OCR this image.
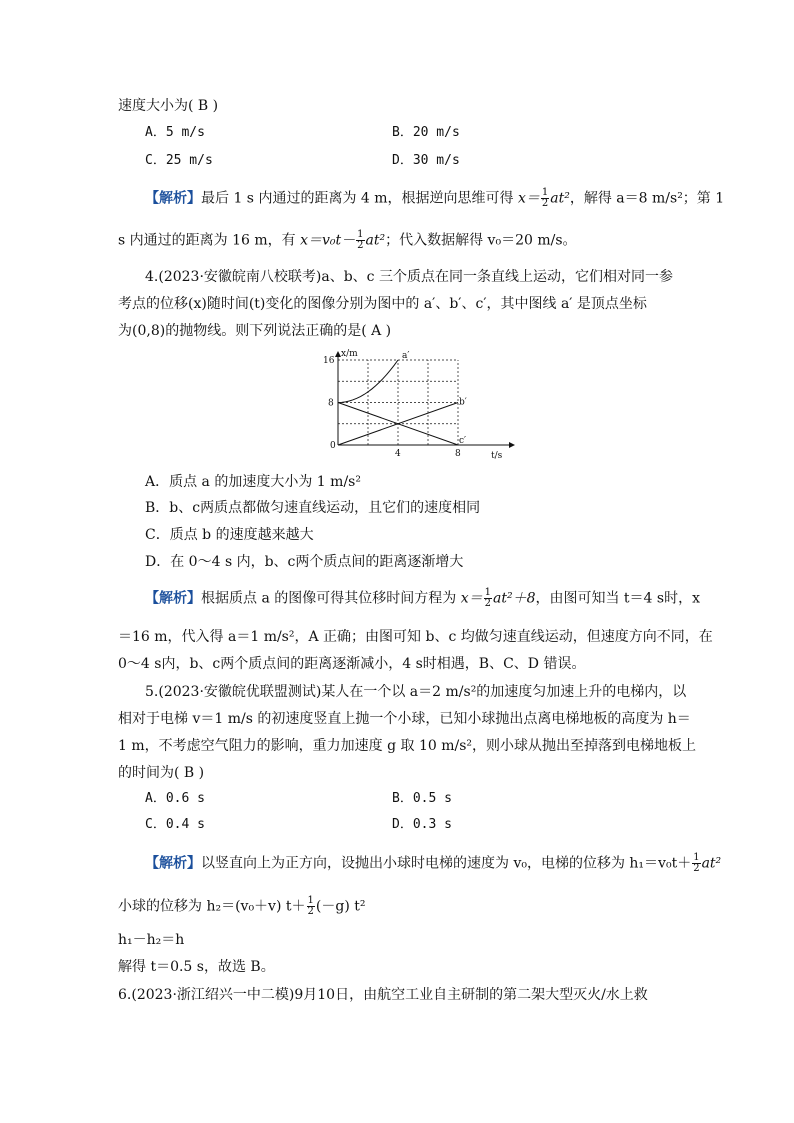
速度大小为( B )
A．5 m/s	B．20 m/s
C．25 m/s	D．30 m/s
【解析】最后 1 s 内通过的距离为 4 m，根据逆向思维可得 $x= \frac{1}{2} at^2$，解得 a＝8 m/s²；第 1
s 内通过的距离为 16 m，有 $x=v_0t- \frac{1}{2} at^2$；代入数据解得 v₀＝20 m/s。
4.(2023·安徽皖南八校联考)a、b、c 三个质点在同一条直线上运动，它们相对同一参
考点的位移(x)随时间(t)变化的图像分别为图中的 a′、b′、c′，其中图线 a′ 是顶点坐标
为(0,8)的抛物线。则下列说法正确的是( A )
a′
b′
c′
0
4	8
8
16
t/s
x/m
A．质点 a 的加速度大小为 1 m/s²
B．b、c两质点都做匀速直线运动，且它们的速度相同
C．质点 b 的速度越来越大
D．在 0～4 s 内，b、c两个质点间的距离逐渐增大
【解析】根据质点 a 的图像可得其位移时间方程为 $x= \frac{1}{2} at^2+8$，由图可知当 t＝4 s时，x
＝16 m，代入得 a＝1 m/s²，A 正确；由图可知 b、c 均做匀速直线运动，但速度方向不同，在
0～4 s内，b、c两个质点间的距离逐渐减小，4 s时相遇，B、C、D 错误。
5.(2023·安徽皖优联盟测试)某人在一个以 a＝2 m/s²的加速度匀加速上升的电梯内，以
相对于电梯 v＝1 m/s 的初速度竖直上抛一个小球，已知小球抛出点离电梯地板的高度为 h＝
1 m，不考虑空气阻力的影响，重力加速度 g 取 10 m/s²，则小球从抛出至掉落到电梯地板上
的时间为( B )
A．0.6 s	B．0.5 s
C．0.4 s	D．0.3 s
【解析】以竖直向上为正方向，设抛出小球时电梯的速度为 v₀，电梯的位移为 $h_1=v_0t+ \frac{1}{2} at^2$
小球的位移为 h₂＝(v₀＋v) $t+ \frac{1}{2} (-g)$ t²
h₁－h₂＝h
解得 t＝0.5 s，故选 B。
6.(2023·浙江绍兴一中二模)9月10日，由航空工业自主研制的第二架大型灭火/水上救
